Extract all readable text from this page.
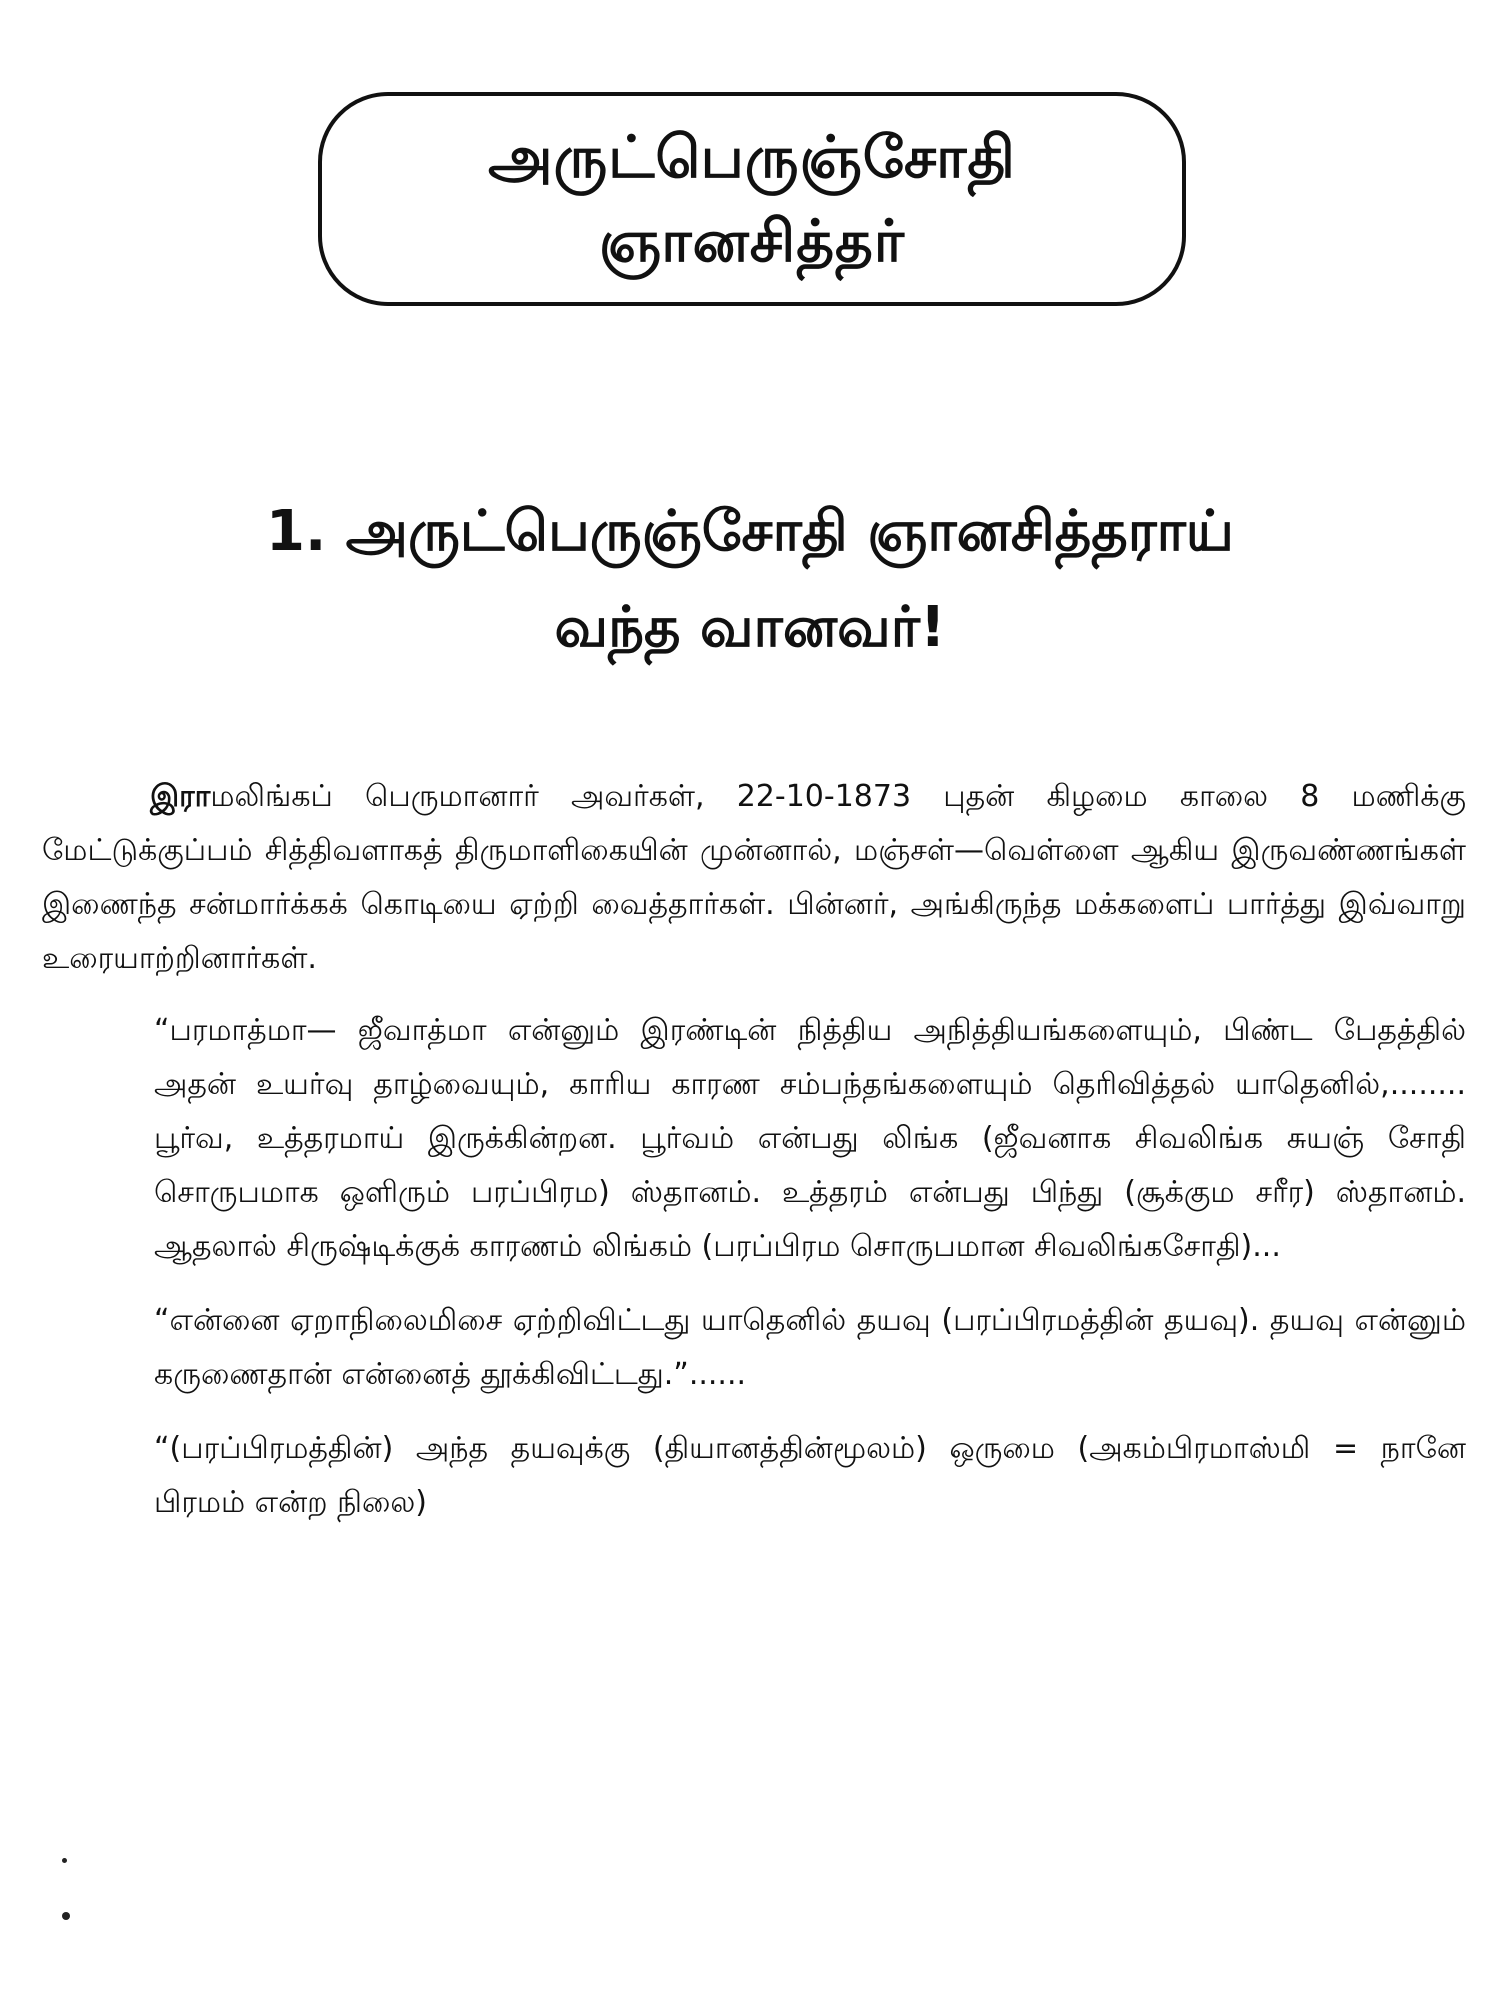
அருட்பெருஞ்சோதி
ஞானசித்தர்
1. அருட்பெருஞ்சோதி ஞானசித்தராய்
வந்த வானவர்!

இராமலிங்கப் பெருமானார் அவர்கள், 22-10-1873 புதன் கிழமை காலை 8 மணிக்கு மேட்டுக்குப்பம் சித்திவளாகத் திருமாளிகையின் முன்னால், மஞ்சள்—வெள்ளை ஆகிய இருவண்ணங்கள் இணைந்த சன்மார்க்கக் கொடியை ஏற்றி வைத்தார்கள். பின்னர், அங்கிருந்த மக்களைப் பார்த்து இவ்வாறு உரையாற்றினார்கள்.

“பரமாத்மா— ஜீவாத்மா என்னும் இரண்டின் நித்திய அநித்தியங்களையும், பிண்ட பேதத்தில் அதன் உயர்வு தாழ்வையும், காரிய காரண சம்பந்தங்களையும் தெரிவித்தல் யாதெனில்,........ பூர்வ, உத்தரமாய் இருக்கின்றன. பூர்வம் என்பது லிங்க (ஜீவனாக சிவலிங்க சுயஞ் சோதி சொருபமாக ஒளிரும் பரப்பிரம) ஸ்தானம். உத்தரம் என்பது பிந்து (சூக்கும சரீர) ஸ்தானம். ஆதலால் சிருஷ்டிக்குக் காரணம் லிங்கம் (பரப்பிரம சொருபமான சிவலிங்கசோதி)...

“என்னை ஏறாநிலைமிசை ஏற்றிவிட்டது யாதெனில் தயவு (பரப்பிரமத்தின் தயவு). தயவு என்னும் கருணைதான் என்னைத் தூக்கிவிட்டது.”......

“(பரப்பிரமத்தின்) அந்த தயவுக்கு (தியானத்தின்மூலம்) ஒருமை (அகம்பிரமாஸ்மி = நானே பிரமம் என்ற நிலை)
